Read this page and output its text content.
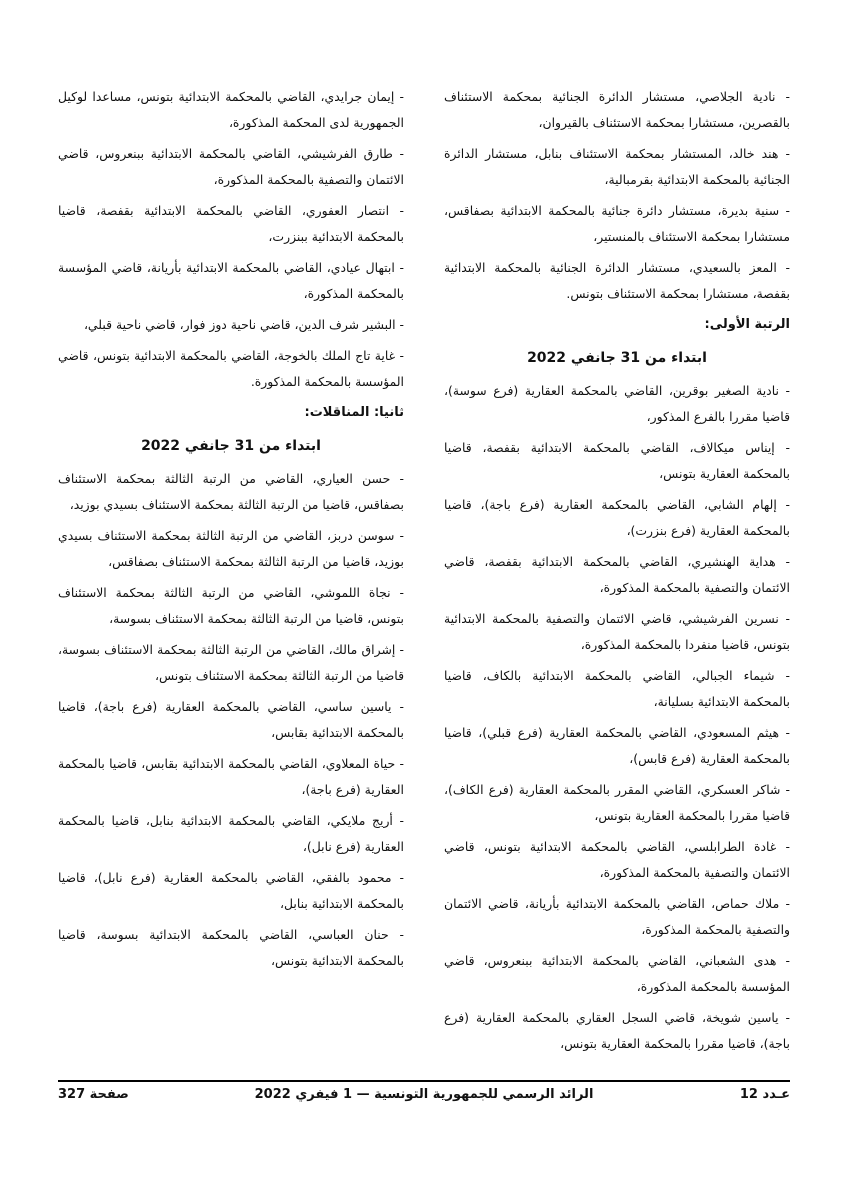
- نادية الجلاصي، مستشار الدائرة الجنائية بمحكمة الاستئناف بالقصرين، مستشارا بمحكمة الاستئناف بالقيروان،

- هند خالد، المستشار بمحكمة الاستئناف بنابل، مستشار الدائرة الجنائية بالمحكمة الابتدائية بقرمبالية،

- سنية بديرة، مستشار دائرة جنائية بالمحكمة الابتدائية بصفاقس، مستشارا بمحكمة الاستئناف بالمنستير،

- المعز بالسعيدي، مستشار الدائرة الجنائية بالمحكمة الابتدائية بقفصة، مستشارا بمحكمة الاستئناف بتونس.

الرتبة الأولى:

ابتداء من 31 جانفي 2022

- نادية الصغير بوقرين، القاضي بالمحكمة العقارية (فرع سوسة)، قاضيا مقررا بالفرع المذكور،

- إيناس ميكالاف، القاضي بالمحكمة الابتدائية بقفصة، قاضيا بالمحكمة العقارية بتونس،

- إلهام الشابي، القاضي بالمحكمة العقارية (فرع باجة)، قاضيا بالمحكمة العقارية (فرع بنزرت)،

- هداية الهنشيري، القاضي بالمحكمة الابتدائية بقفصة، قاضي الائتمان والتصفية بالمحكمة المذكورة،

- نسرين الفرشيشي، قاضي الائتمان والتصفية بالمحكمة الابتدائية بتونس، قاضيا منفردا بالمحكمة المذكورة،

- شيماء الجبالي، القاضي بالمحكمة الابتدائية بالكاف، قاضيا بالمحكمة الابتدائية بسليانة،

- هيثم المسعودي، القاضي بالمحكمة العقارية (فرع قبلي)، قاضيا بالمحكمة العقارية (فرع قابس)،

- شاكر العسكري، القاضي المقرر بالمحكمة العقارية (فرع الكاف)، قاضيا مقررا بالمحكمة العقارية بتونس،

- غادة الطرابلسي، القاضي بالمحكمة الابتدائية بتونس، قاضي الائتمان والتصفية بالمحكمة المذكورة،

- ملاك حماص، القاضي بالمحكمة الابتدائية بأريانة، قاضي الائتمان والتصفية بالمحكمة المذكورة،

- هدى الشعباني، القاضي بالمحكمة الابتدائية ببنعروس، قاضي المؤسسة بالمحكمة المذكورة،

- ياسين شويخة، قاضي السجل العقاري بالمحكمة العقارية (فرع باجة)، قاضيا مقررا بالمحكمة العقارية بتونس،

- إيمان جرايدي، القاضي بالمحكمة الابتدائية بتونس، مساعدا لوكيل الجمهورية لدى المحكمة المذكورة،

- طارق الفرشيشي، القاضي بالمحكمة الابتدائية ببنعروس، قاضي الائتمان والتصفية بالمحكمة المذكورة،

- انتصار العفوري، القاضي بالمحكمة الابتدائية بقفصة، قاضيا بالمحكمة الابتدائية ببنزرت،

- ابتهال عيادي، القاضي بالمحكمة الابتدائية بأريانة، قاضي المؤسسة بالمحكمة المذكورة،

- البشير شرف الدين، قاضي ناحية دوز فوار، قاضي ناحية قبلي،

- غاية تاج الملك بالخوجة، القاضي بالمحكمة الابتدائية بتونس، قاضي المؤسسة بالمحكمة المذكورة.

ثانيا: المناقلات:

ابتداء من 31 جانفي 2022

- حسن العياري، القاضي من الرتبة الثالثة بمحكمة الاستئناف بصفاقس، قاضيا من الرتبة الثالثة بمحكمة الاستئناف بسيدي بوزيد،

- سوسن دربز، القاضي من الرتبة الثالثة بمحكمة الاستئناف بسيدي بوزيد، قاضيا من الرتبة الثالثة بمحكمة الاستئناف بصفاقس،

- نجاة اللموشي، القاضي من الرتبة الثالثة بمحكمة الاستئناف بتونس، قاضيا من الرتبة الثالثة بمحكمة الاستئناف بسوسة،

- إشراق مالك، القاضي من الرتبة الثالثة بمحكمة الاستئناف بسوسة، قاضيا من الرتبة الثالثة بمحكمة الاستئناف بتونس،

- ياسين ساسي، القاضي بالمحكمة العقارية (فرع باجة)، قاضيا بالمحكمة الابتدائية بقابس،

- حياة المعلاوي، القاضي بالمحكمة الابتدائية بقابس، قاضيا بالمحكمة العقارية (فرع باجة)،

- أريج ملايكي، القاضي بالمحكمة الابتدائية بنابل، قاضيا بالمحكمة العقارية (فرع نابل)،

- محمود بالفقي، القاضي بالمحكمة العقارية (فرع نابل)، قاضيا بالمحكمة الابتدائية بنابل،

- حنان العباسي، القاضي بالمحكمة الابتدائية بسوسة، قاضيا بالمحكمة الابتدائية بتونس،

عـدد 12
الرائد الرسمي للجمهورية التونسية — 1 فيفري 2022
صفحة 327
